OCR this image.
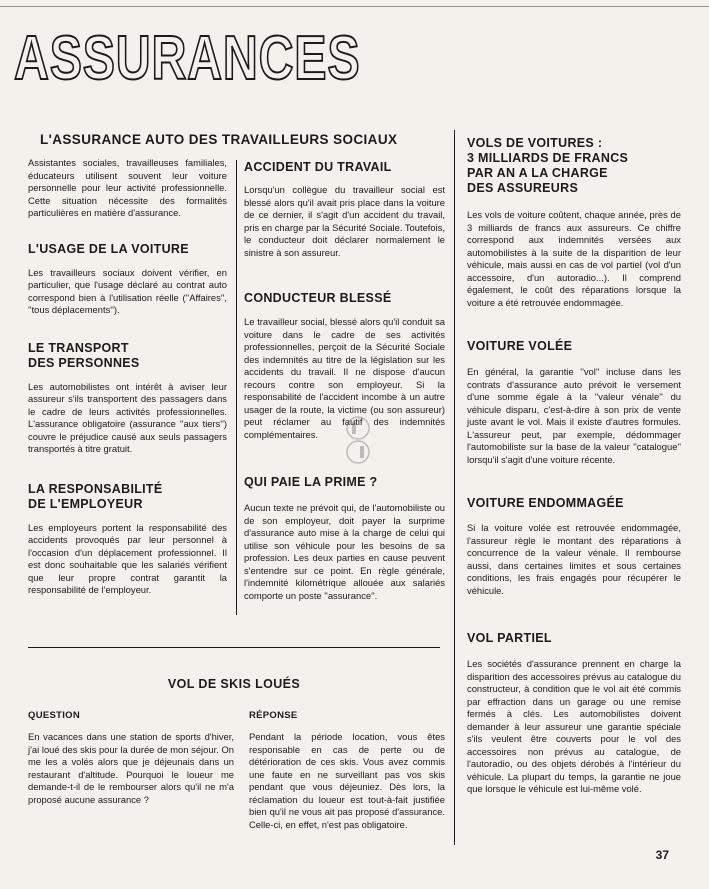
ASSURANCES
L'ASSURANCE AUTO DES TRAVAILLEURS SOCIAUX

Assistantes sociales, travailleuses familiales, éducateurs utilisent souvent leur voiture personnelle pour leur activité professionnelle. Cette situation nécessite des formalités particulières en matière d'assurance.

L'USAGE DE LA VOITURE

Les travailleurs sociaux doivent vérifier, en particulier, que l'usage déclaré au contrat auto correspond bien à l'utilisation réelle (''Affaires'', ''tous déplacements'').

LE TRANSPORT
DES PERSONNES

Les automobilistes ont intérêt à aviser leur assureur s'ils transportent des passagers dans le cadre de leurs activités professionnelles. L'assurance obligatoire (assurance ''aux tiers'') couvre le préjudice causé aux seuls passagers transportés à titre gratuit.

LA RESPONSABILITÉ
DE L'EMPLOYEUR

Les employeurs portent la responsabilité des accidents provoqués par leur personnel à l'occasion d'un déplacement professionnel. Il est donc souhaitable que les salariés vérifient que leur propre contrat garantit la responsabilité de l'employeur.

ACCIDENT DU TRAVAIL

Lorsqu'un collègue du travailleur social est blessé alors qu'il avait pris place dans la voiture de ce dernier, il s'agit d'un accident du travail, pris en charge par la Sécurité Sociale. Toutefois, le conducteur doit déclarer normalement le sinistre à son assureur.

CONDUCTEUR BLESSÉ

Le travailleur social, blessé alors qu'il conduit sa voiture dans le cadre de ses activités professionnelles, perçoit de la Sécurité Sociale des indemnités au titre de la législation sur les accidents du travail. Il ne dispose d'aucun recours contre son employeur. Si la responsabilité de l'accident incombe à un autre usager de la route, la victime (ou son assureur) peut réclamer au fautif des indemnités complémentaires.

QUI PAIE LA PRIME ?

Aucun texte ne prévoit qui, de l'automobiliste ou de son employeur, doit payer la surprime d'assurance auto mise à la charge de celui qui utilise son véhicule pour les besoins de sa profession. Les deux parties en cause peuvent s'entendre sur ce point. En règle générale, l'indemnité kilométrique allouée aux salariés comporte un poste ''assurance''.

VOLS DE VOITURES :
3 MILLIARDS DE FRANCS
PAR AN A LA CHARGE
DES ASSUREURS

Les vols de voiture coûtent, chaque année, près de 3 milliards de francs aux assureurs. Ce chiffre correspond aux indemnités versées aux automobilistes à la suite de la disparition de leur véhicule, mais aussi en cas de vol partiel (vol d'un accessoire, d'un autoradio...). Il comprend également, le coût des réparations lorsque la voiture a été retrouvée endommagée.

VOITURE VOLÉE

En général, la garantie ''vol'' incluse dans les contrats d'assurance auto prévoit le versement d'une somme égale à la ''valeur vénale'' du véhicule disparu, c'est-à-dire à son prix de vente juste avant le vol. Mais il existe d'autres formules. L'assureur peut, par exemple, dédommager l'automobiliste sur la base de la valeur ''catalogue'' lorsqu'il s'agit d'une voiture récente.

VOITURE ENDOMMAGÉE

Si la voiture volée est retrouvée endommagée, l'assureur règle le montant des réparations à concurrence de la valeur vénale. Il rembourse aussi, dans certaines limites et sous certaines conditions, les frais engagés pour récupérer le véhicule.

VOL PARTIEL

Les sociétés d'assurance prennent en charge la disparition des accessoires prévus au catalogue du constructeur, à condition que le vol ait été commis par effraction dans un garage ou une remise fermés à clés. Les automobilistes doivent demander à leur assureur une garantie spéciale s'ils veulent être couverts pour le vol des accessoires non prévus au catalogue, de l'autoradio, ou des objets dérobés à l'intérieur du véhicule. La plupart du temps, la garantie ne joue que lorsque le véhicule est lui-même volé.

VOL DE SKIS LOUÉS
QUESTION

En vacances dans une station de sports d'hiver, j'ai loué des skis pour la durée de mon séjour. On me les a volés alors que je déjeunais dans un restaurant d'altitude. Pourquoi le loueur me demande-t-il de le rembourser alors qu'il ne m'a proposé aucune assurance ?

RÉPONSE

Pendant la période location, vous êtes responsable en cas de perte ou de détérioration de ces skis. Vous avez commis une faute en ne surveillant pas vos skis pendant que vous déjeuniez. Dès lors, la réclamation du loueur est tout-à-fait justifiée bien qu'il ne vous ait pas proposé d'assurance. Celle-ci, en effet, n'est pas obligatoire.

37
